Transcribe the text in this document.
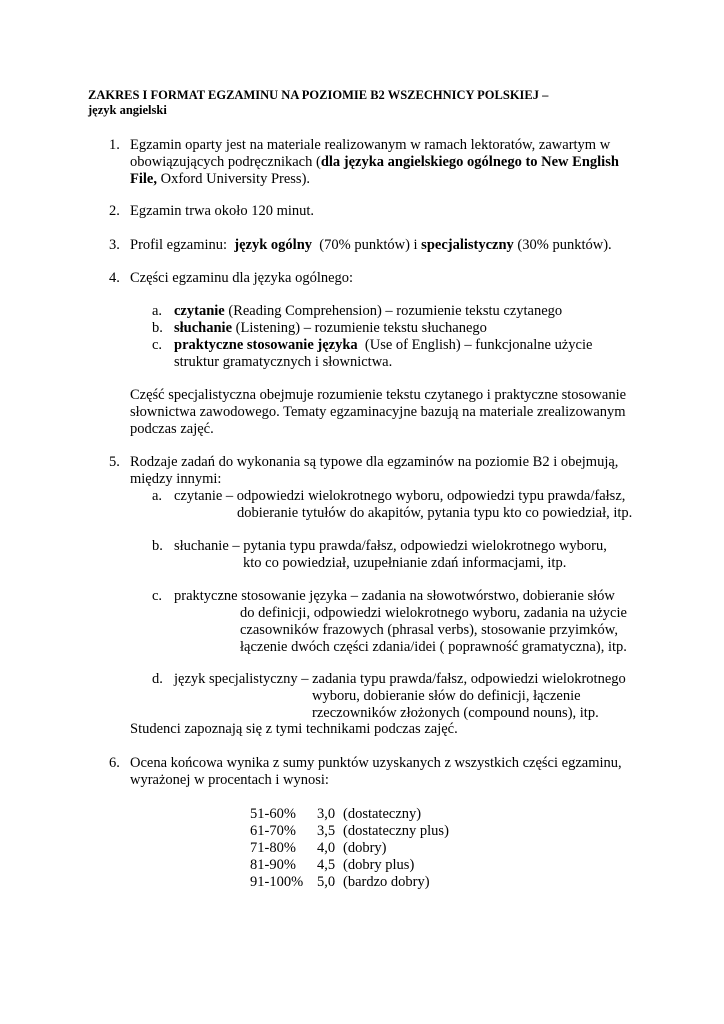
ZAKRES I FORMAT EGZAMINU NA POZIOMIE B2 WSZECHNICY POLSKIEJ –
język angielski
1. Egzamin oparty jest na materiale realizowanym w ramach lektoratów, zawartym w
obowiązujących podręcznikach (dla języka angielskiego ogólnego to New English
File, Oxford University Press).
2. Egzamin trwa około 120 minut.
3. Profil egzaminu:  język ogólny  (70% punktów) i specjalistyczny (30% punktów).
4. Części egzaminu dla języka ogólnego:
a. czytanie (Reading Comprehension) – rozumienie tekstu czytanego
b. słuchanie (Listening) – rozumienie tekstu słuchanego
c. praktyczne stosowanie języka  (Use of English) – funkcjonalne użycie
struktur gramatycznych i słownictwa.
Część specjalistyczna obejmuje rozumienie tekstu czytanego i praktyczne stosowanie
słownictwa zawodowego. Tematy egzaminacyjne bazują na materiale zrealizowanym
podczas zajęć.
5. Rodzaje zadań do wykonania są typowe dla egzaminów na poziomie B2 i obejmują,
między innymi:
a. czytanie – odpowiedzi wielokrotnego wyboru, odpowiedzi typu prawda/fałsz,
dobieranie tytułów do akapitów, pytania typu kto co powiedział, itp.
b. słuchanie – pytania typu prawda/fałsz, odpowiedzi wielokrotnego wyboru,
kto co powiedział, uzupełnianie zdań informacjami, itp.
c. praktyczne stosowanie języka – zadania na słowotwórstwo, dobieranie słów
do definicji, odpowiedzi wielokrotnego wyboru, zadania na użycie
czasowników frazowych (phrasal verbs), stosowanie przyimków,
łączenie dwóch części zdania/idei ( poprawność gramatyczna), itp.
d. język specjalistyczny – zadania typu prawda/fałsz, odpowiedzi wielokrotnego
wyboru, dobieranie słów do definicji, łączenie
rzeczowników złożonych (compound nouns), itp.
Studenci zapoznają się z tymi technikami podczas zajęć.
6. Ocena końcowa wynika z sumy punktów uzyskanych z wszystkich części egzaminu,
wyrażonej w procentach i wynosi:
51-60% 3,0 (dostateczny)
61-70% 3,5 (dostateczny plus)
71-80% 4,0 (dobry)
81-90% 4,5 (dobry plus)
91-100% 5,0 (bardzo dobry)
